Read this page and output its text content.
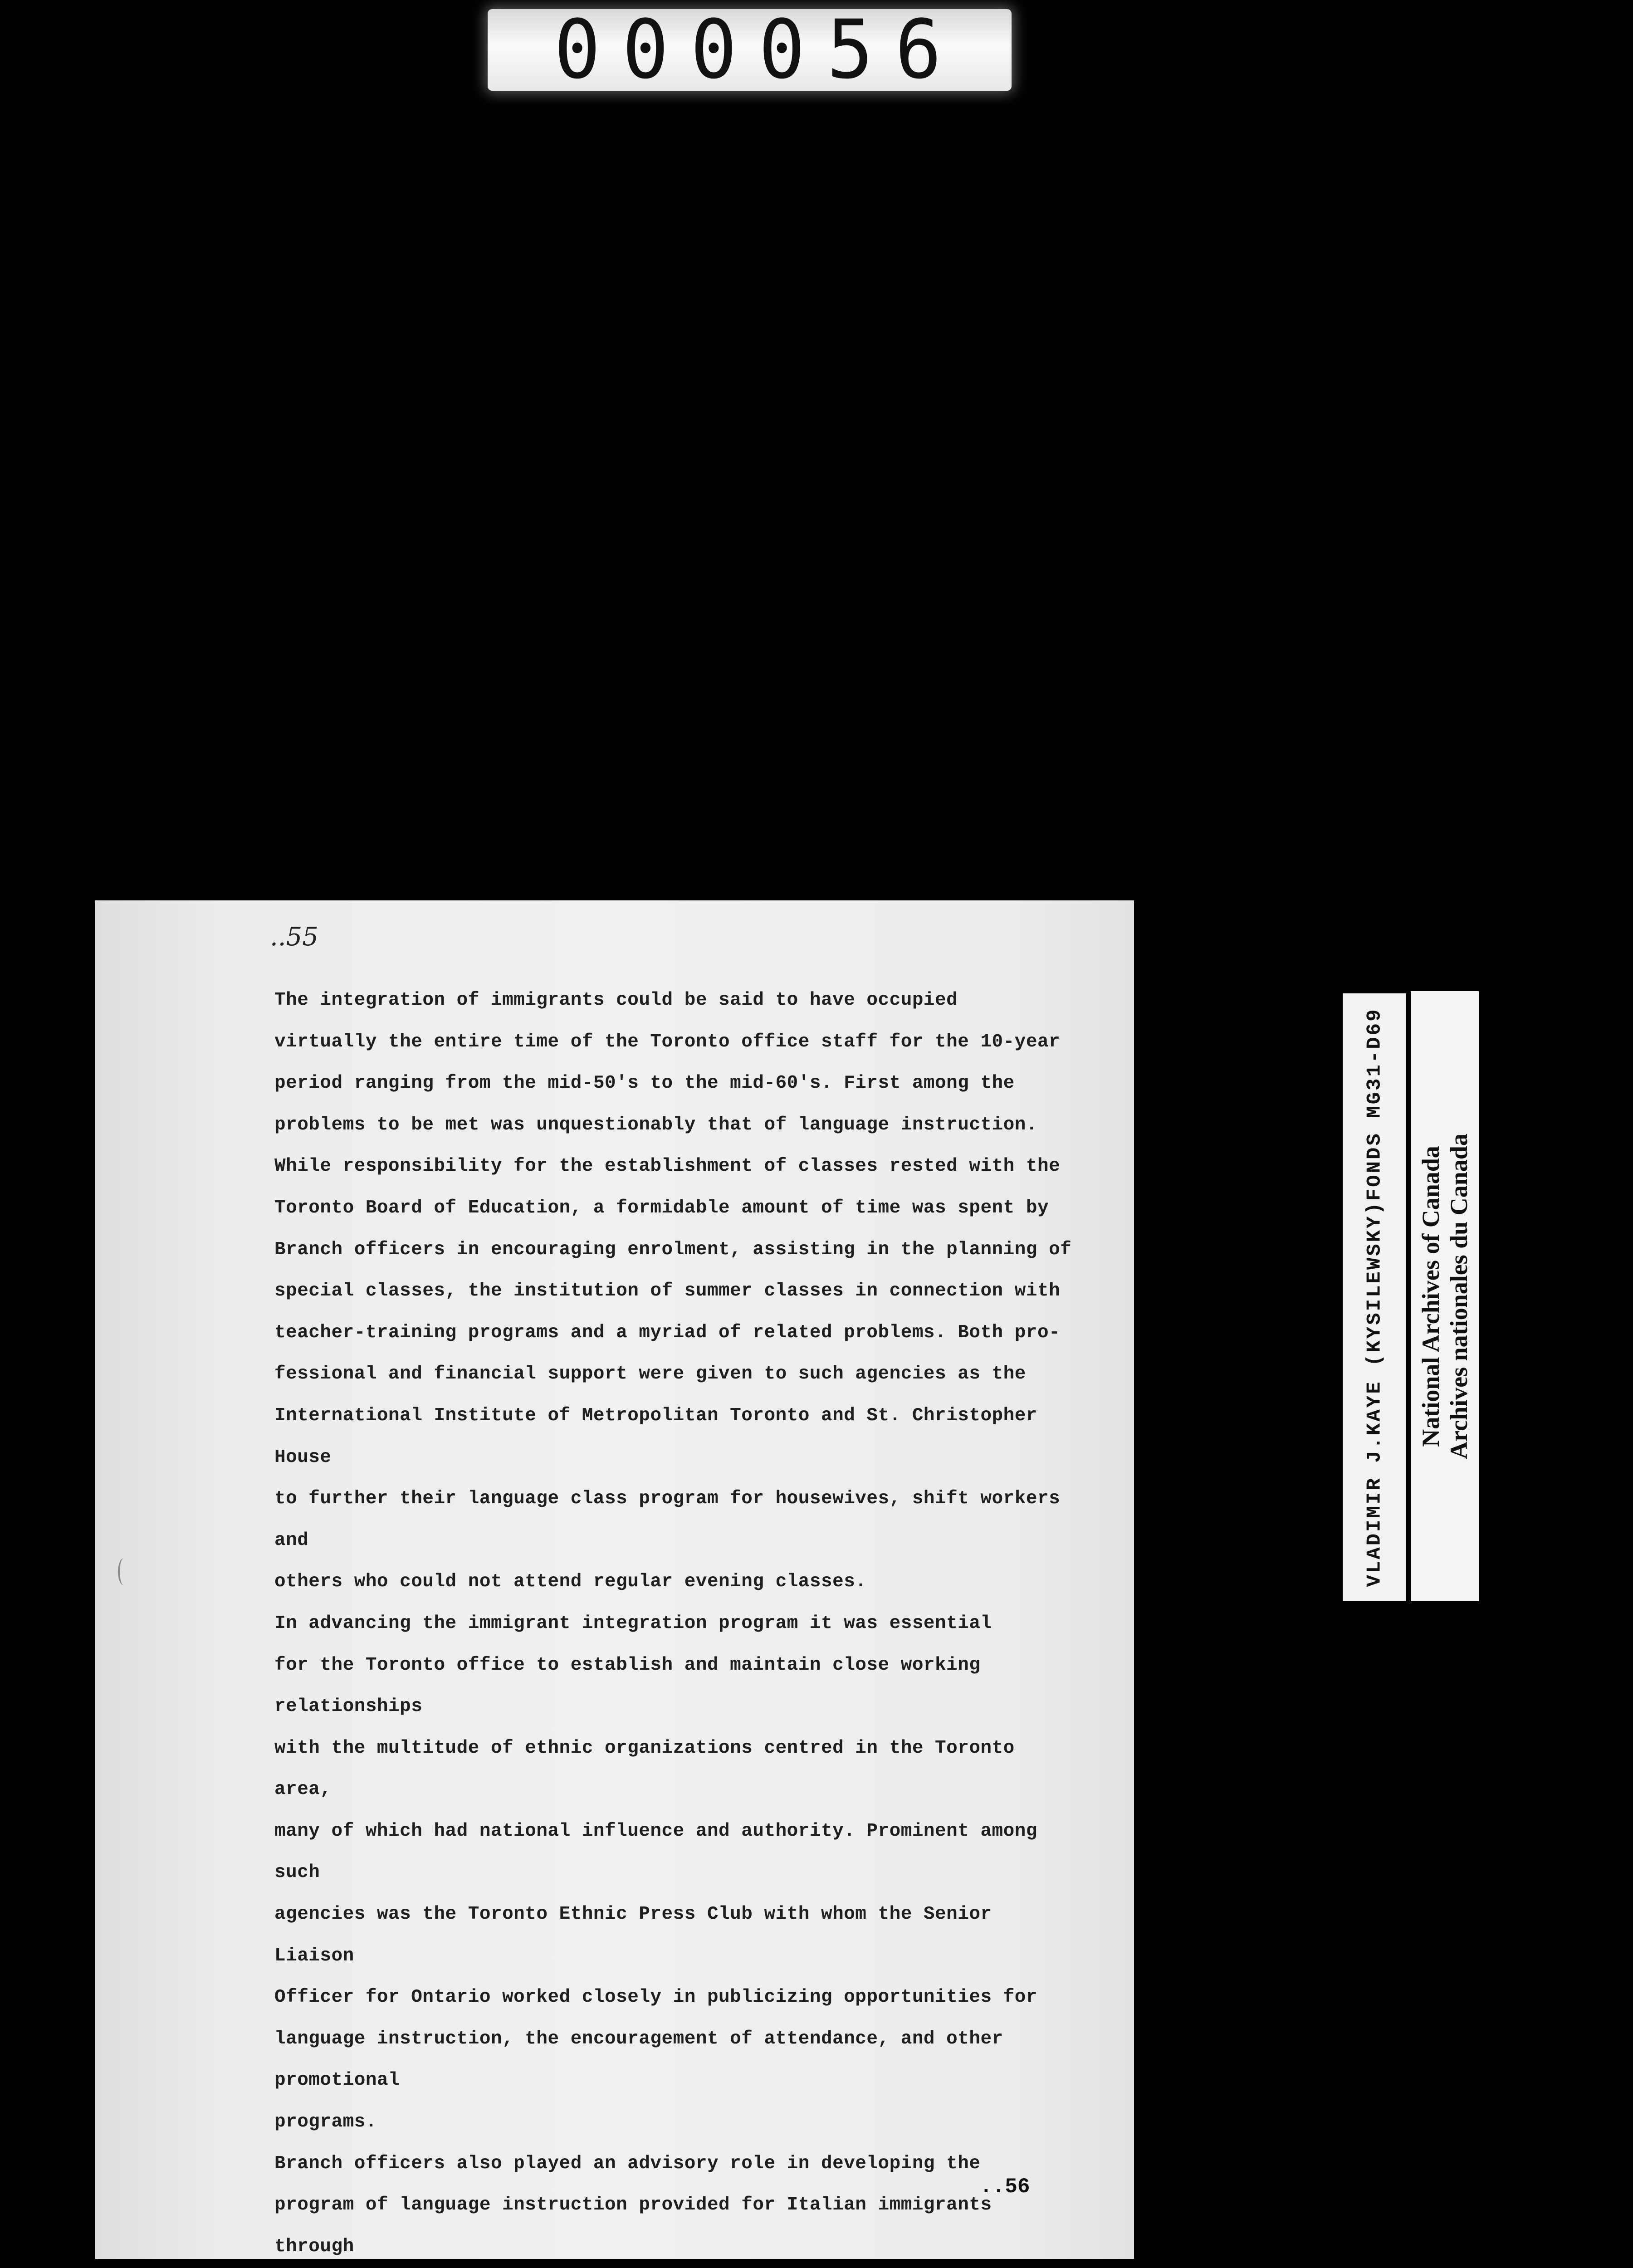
000056
..55

The integration of immigrants could be said to have occupied
virtually the entire time of the Toronto office staff for the 10-year
period ranging from the mid-50's to the mid-60's. First among the
problems to be met was unquestionably that of language instruction.
While responsibility for the establishment of classes rested with the
Toronto Board of Education, a formidable amount of time was spent by
Branch officers in encouraging enrolment, assisting in the planning of
special classes, the institution of summer classes in connection with
teacher-training programs and a myriad of related problems. Both pro-
fessional and financial support were given to such agencies as the
International Institute of Metropolitan Toronto and St. Christopher House
to further their language class program for housewives, shift workers and
others who could not attend regular evening classes.

In advancing the immigrant integration program it was essential
for the Toronto office to establish and maintain close working relationships
with the multitude of ethnic organizations centred in the Toronto area,
many of which had national influence and authority. Prominent among such
agencies was the Toronto Ethnic Press Club with whom the Senior Liaison
Officer for Ontario worked closely in publicizing opportunities for
language instruction, the encouragement of attendance, and other promotional
programs.

Branch officers also played an advisory role in developing the
program of language instruction provided for Italian immigrants through

..56
VLADIMIR J.KAYE (KYSILEWSKY)FONDS MG31-D69 National Archives of Canada Archives nationales du Canada
